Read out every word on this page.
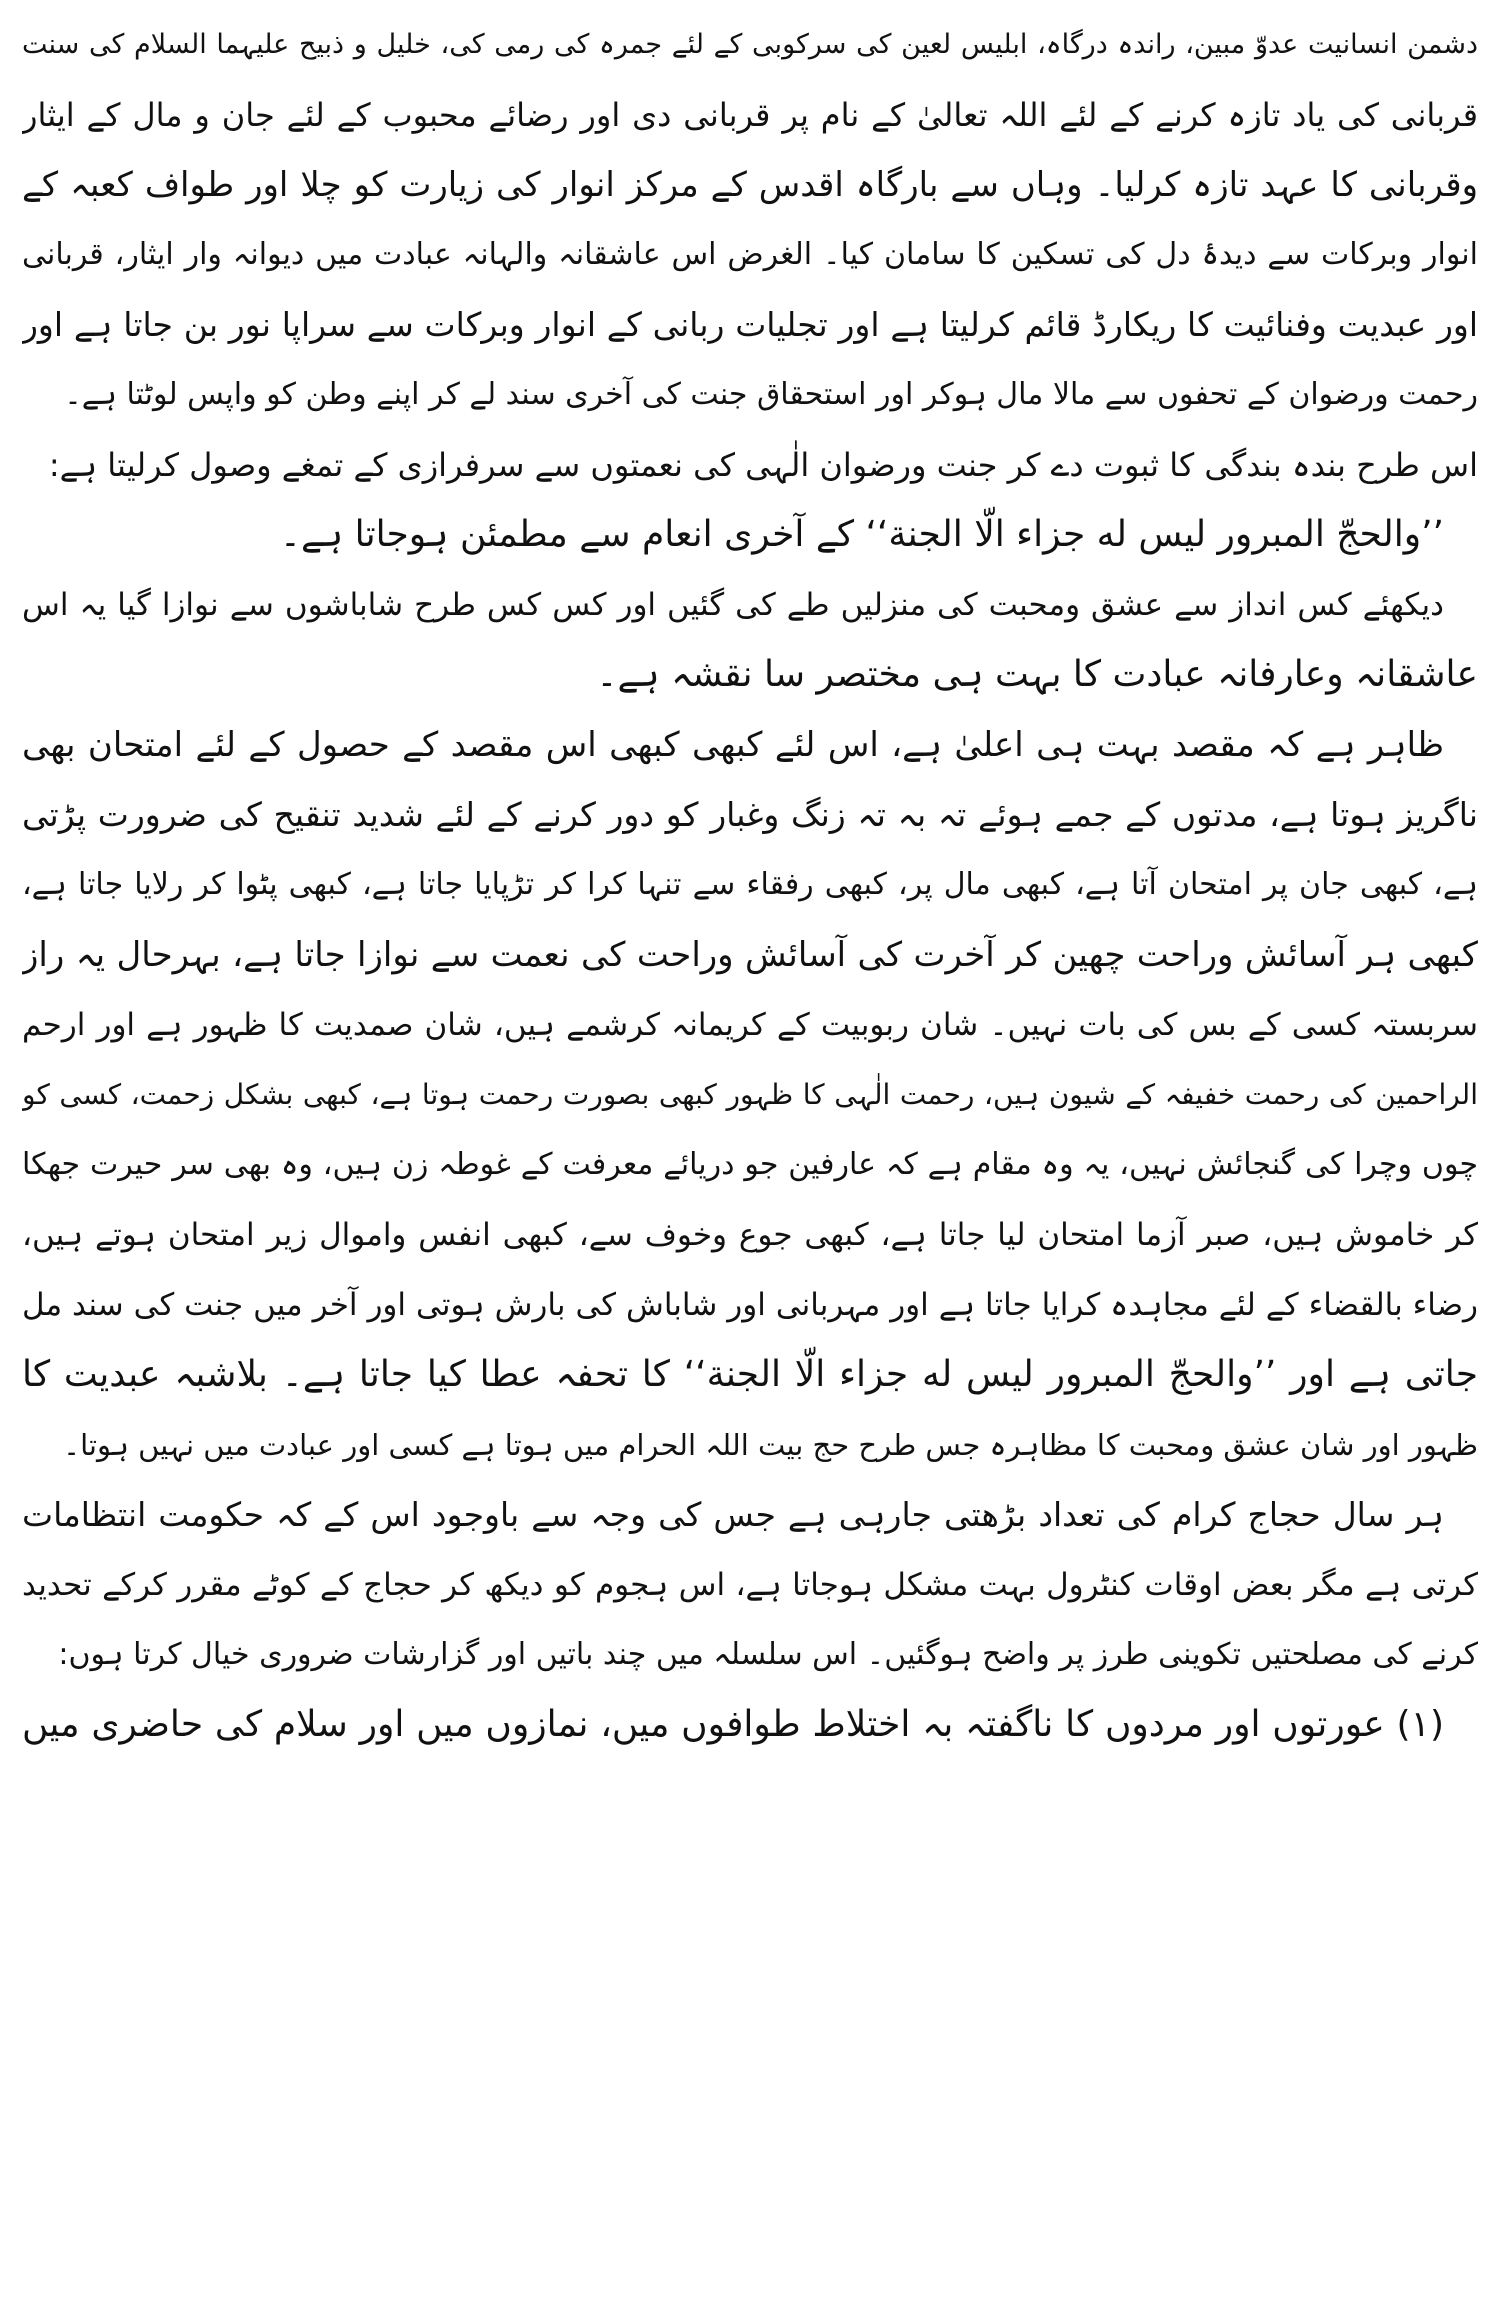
دشمن انسانیت عدوّ مبین، راندہ درگاہ، ابلیس لعین کی سرکوبی کے لئے جمرہ کی رمی کی، خلیل و ذبیح علیہما السلام کی سنت
قربانی کی یاد تازہ کرنے کے لئے اللہ تعالیٰ کے نام پر قربانی دی اور رضائے محبوب کے لئے جان و مال کے ایثار
وقربانی کا عہد تازہ کرلیا۔ وہاں سے بارگاہ اقدس کے مرکز انوار کی زیارت کو چلا اور طواف کعبہ کے
انوار وبرکات سے دیدۂ دل کی تسکین کا سامان کیا۔ الغرض اس عاشقانہ والہانہ عبادت میں دیوانہ وار ایثار، قربانی
اور عبدیت وفنائیت کا ریکارڈ قائم کرلیتا ہے اور تجلیات ربانی کے انوار وبرکات سے سراپا نور بن جاتا ہے اور
رحمت ورضوان کے تحفوں سے مالا مال ہوکر اور استحقاق جنت کی آخری سند لے کر اپنے وطن کو واپس لوٹتا ہے۔
اس طرح بندہ بندگی کا ثبوت دے کر جنت ورضوان الٰہی کی نعمتوں سے سرفرازی کے تمغے وصول کرلیتا ہے:
’’والحجّ المبرور لیس له جزاء الّا الجنة‘‘ کے آخری انعام سے مطمئن ہوجاتا ہے۔
دیکھئے کس انداز سے عشق ومحبت کی منزلیں طے کی گئیں اور کس کس طرح شاباشوں سے نوازا گیا یہ اس
عاشقانہ وعارفانہ عبادت کا بہت ہی مختصر سا نقشہ ہے۔
ظاہر ہے کہ مقصد بہت ہی اعلیٰ ہے، اس لئے کبھی کبھی اس مقصد کے حصول کے لئے امتحان بھی
ناگریز ہوتا ہے، مدتوں کے جمے ہوئے تہ بہ تہ زنگ وغبار کو دور کرنے کے لئے شدید تنقیح کی ضرورت پڑتی
ہے، کبھی جان پر امتحان آتا ہے، کبھی مال پر، کبھی رفقاء سے تنہا کرا کر تڑپایا جاتا ہے، کبھی پٹوا کر رلایا جاتا ہے،
کبھی ہر آسائش وراحت چھین کر آخرت کی آسائش وراحت کی نعمت سے نوازا جاتا ہے، بہرحال یہ راز
سربستہ کسی کے بس کی بات نہیں۔ شان ربوبیت کے کریمانہ کرشمے ہیں، شان صمدیت کا ظہور ہے اور ارحم
الراحمین کی رحمت خفیفہ کے شیون ہیں، رحمت الٰہی کا ظہور کبھی بصورت رحمت ہوتا ہے، کبھی بشکل زحمت، کسی کو
چوں وچرا کی گنجائش نہیں، یہ وہ مقام ہے کہ عارفین جو دریائے معرفت کے غوطہ زن ہیں، وہ بھی سر حیرت جھکا
کر خاموش ہیں، صبر آزما امتحان لیا جاتا ہے، کبھی جوع وخوف سے، کبھی انفس واموال زیر امتحان ہوتے ہیں،
رضاء بالقضاء کے لئے مجاہدہ کرایا جاتا ہے اور مہربانی اور شاباش کی بارش ہوتی اور آخر میں جنت کی سند مل
جاتی ہے اور ’’والحجّ المبرور لیس له جزاء الّا الجنة‘‘ کا تحفہ عطا کیا جاتا ہے۔ بلاشبہ عبدیت کا
ظہور اور شان عشق ومحبت کا مظاہرہ جس طرح حج بیت اللہ الحرام میں ہوتا ہے کسی اور عبادت میں نہیں ہوتا۔
ہر سال حجاج کرام کی تعداد بڑھتی جارہی ہے جس کی وجہ سے باوجود اس کے کہ حکومت انتظامات
کرتی ہے مگر بعض اوقات کنٹرول بہت مشکل ہوجاتا ہے، اس ہجوم کو دیکھ کر حجاج کے کوٹے مقرر کرکے تحدید
کرنے کی مصلحتیں تکوینی طرز پر واضح ہوگئیں۔ اس سلسلہ میں چند باتیں اور گزارشات ضروری خیال کرتا ہوں:
(۱) عورتوں اور مردوں کا ناگفتہ بہ اختلاط طوافوں میں، نمازوں میں اور سلام کی حاضری میں
